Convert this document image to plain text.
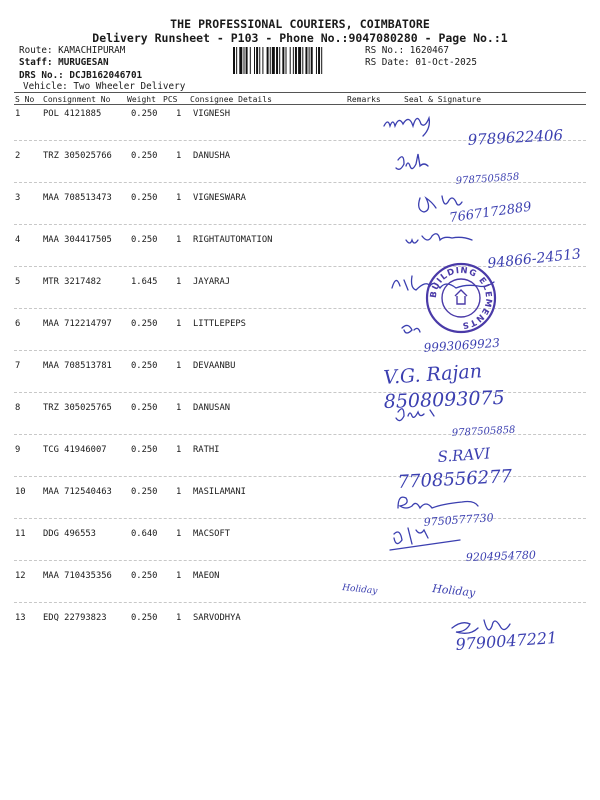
THE PROFESSIONAL COURIERS, COIMBATORE
Delivery Runsheet - P103 - Phone No.:9047080280 - Page No.:1
Route: KAMACHIPURAM
Staff: MURUGESAN
DRS No.: DCJB162046701
Vehicle: Two Wheeler Delivery
RS No.: 1620467
RS Date: 01-Oct-2025
S No Consignment No Weight PCS Consignee Details	Remarks	Seal & Signature
1	POL 4121885	0.250 1 VIGNESH
2	TRZ 305025766 0.250 1 DANUSHA
3	MAA 708513473 0.250 1 VIGNESWARA
4	MAA 304417505 0.250 1 RIGHTAUTOMATION
5	MTR 3217482	1.645 1 JAYARAJ
6	MAA 712214797 0.250 1 LITTLEPEPS
7	MAA 708513781 0.250 1 DEVAANBU
8	TRZ 305025765 0.250 1 DANUSAN
9	TCG 41946007	0.250 1 RATHI
10 MAA 712540463 0.250 1 MASILAMANI
11 DDG 496553	0.640 1 MACSOFT
12 MAA 710435356 0.250 1 MAEON
13 EDQ 22793823	0.250 1 SARVODHYA
9789622406
9787505858
7667172889
94866-24513
9993069923
V.G. Rajan
8508093075
9787505858
S.RAVI
7708556277
9750577730
9204954780
Holiday	Holiday
9790047221
BUILDING ELEMENTS
